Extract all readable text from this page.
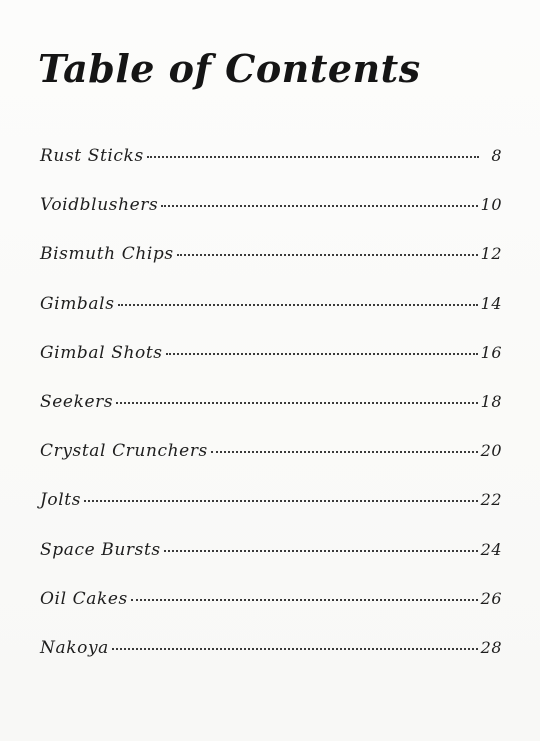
Table of Contents
Rust Sticks	8
Voidblushers	10
Bismuth Chips	12
Gimbals	14
Gimbal Shots	16
Seekers	18
Crystal Crunchers	20
Jolts	22
Space Bursts	24
Oil Cakes	26
Nakoya	28
